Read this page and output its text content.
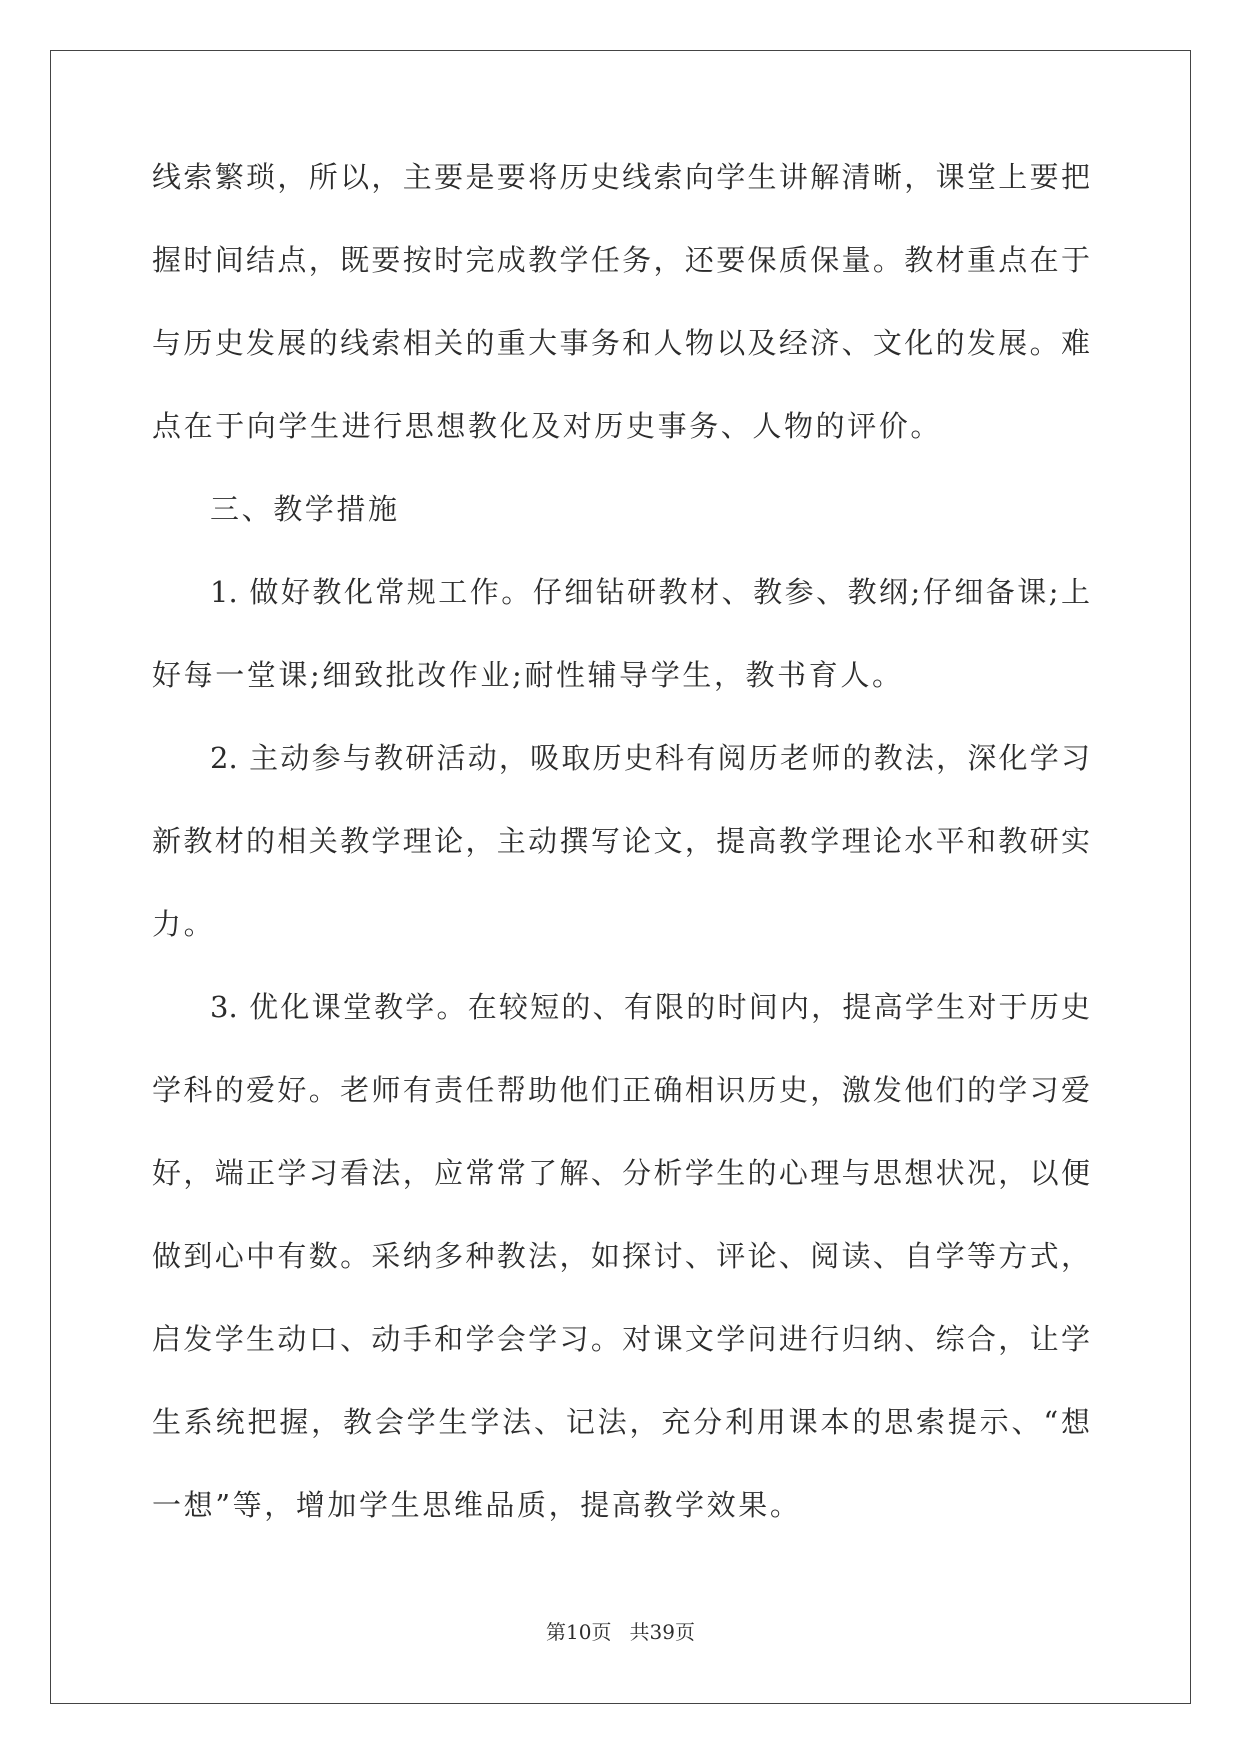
线索繁琐，所以，主要是要将历史线索向学生讲解清晰，课堂上要把
握时间结点，既要按时完成教学任务，还要保质保量。教材重点在于
与历史发展的线索相关的重大事务和人物以及经济、文化的发展。难
点在于向学生进行思想教化及对历史事务、人物的评价。
三、教学措施
1. 做好教化常规工作。仔细钻研教材、教参、教纲;仔细备课;上
好每一堂课;细致批改作业;耐性辅导学生，教书育人。
2. 主动参与教研活动，吸取历史科有阅历老师的教法，深化学习
新教材的相关教学理论，主动撰写论文，提高教学理论水平和教研实
力。
3. 优化课堂教学。在较短的、有限的时间内，提高学生对于历史
学科的爱好。老师有责任帮助他们正确相识历史，激发他们的学习爱
好，端正学习看法，应常常了解、分析学生的心理与思想状况，以便
做到心中有数。采纳多种教法，如探讨、评论、阅读、自学等方式，
启发学生动口、动手和学会学习。对课文学问进行归纳、综合，让学
生系统把握，教会学生学法、记法，充分利用课本的思索提示、“想
一想”等，增加学生思维品质，提高教学效果。
第10页 共39页
